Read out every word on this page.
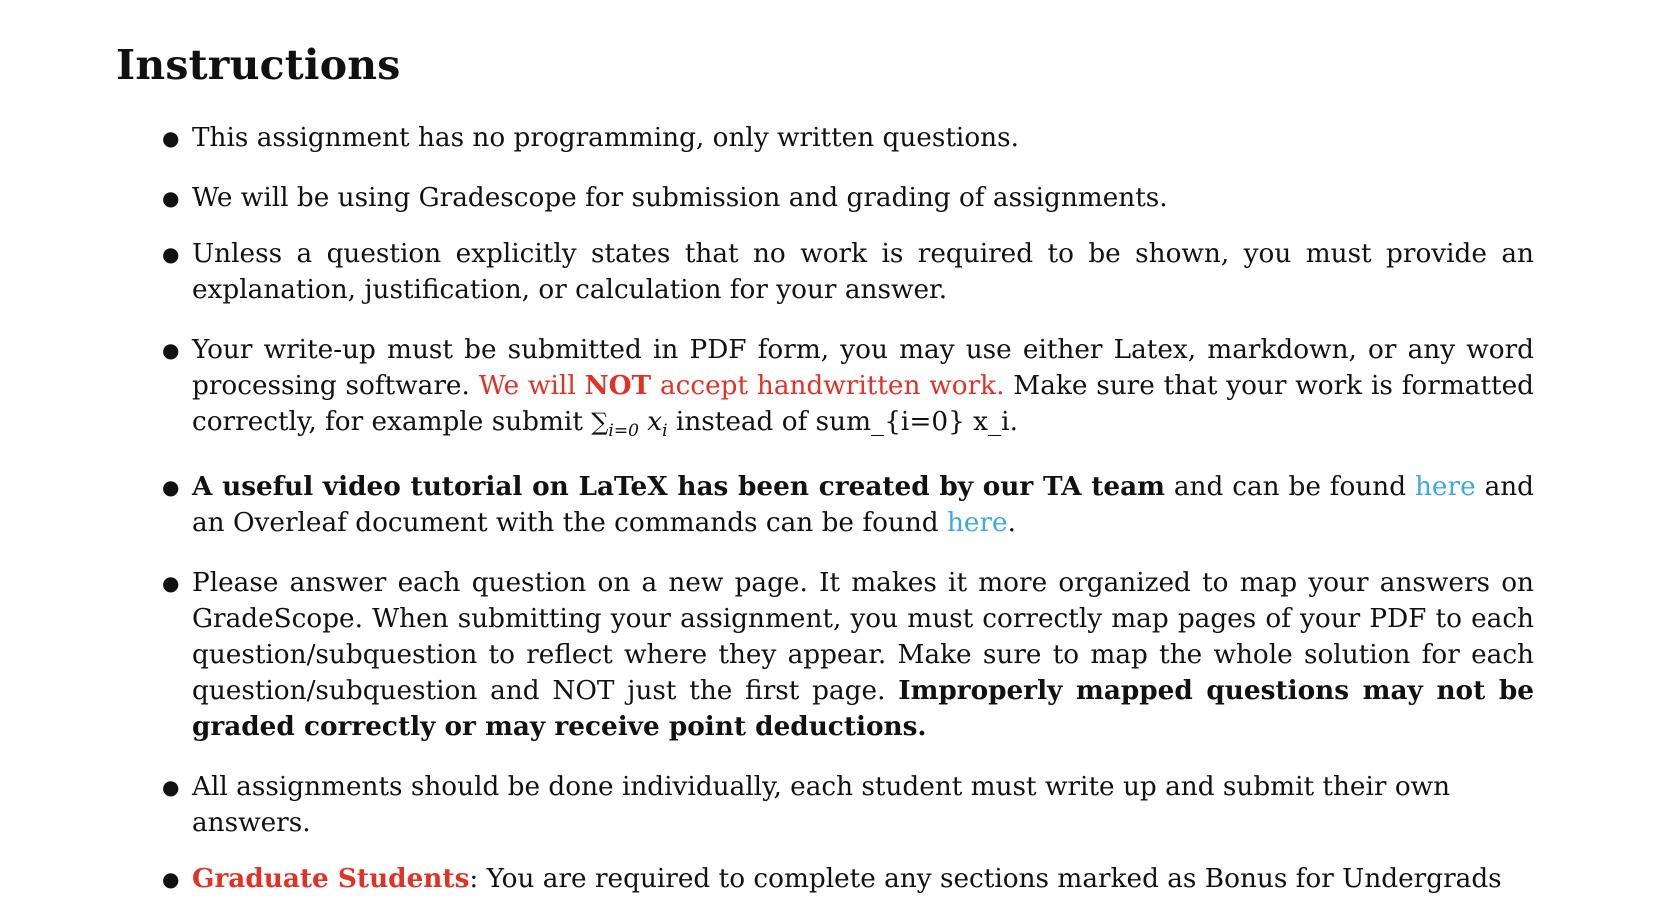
Instructions
● This assignment has no programming, only written questions.
● We will be using Gradescope for submission and grading of assignments.
● Unless a question explicitly states that no work is required to be shown, you must provide an explanation, justification, or calculation for your answer.
● Your write-up must be submitted in PDF form, you may use either Latex, markdown, or any word processing software. We will NOT accept handwritten work. Make sure that your work is formatted correctly, for example submit $\sum_{i=0}$ $x_i$ instead of sum_{i=0} x_i.
● A useful video tutorial on LaTeX has been created by our TA team and can be found here and an Overleaf document with the commands can be found here.
● Please answer each question on a new page. It makes it more organized to map your answers on GradeScope. When submitting your assignment, you must correctly map pages of your PDF to each question/subquestion to reflect where they appear. Make sure to map the whole solution for each question/subquestion and NOT just the first page. Improperly mapped questions may not be graded correctly or may receive point deductions.
● All assignments should be done individually, each student must write up and submit their own answers.
● Graduate Students: You are required to complete any sections marked as Bonus for Undergrads
